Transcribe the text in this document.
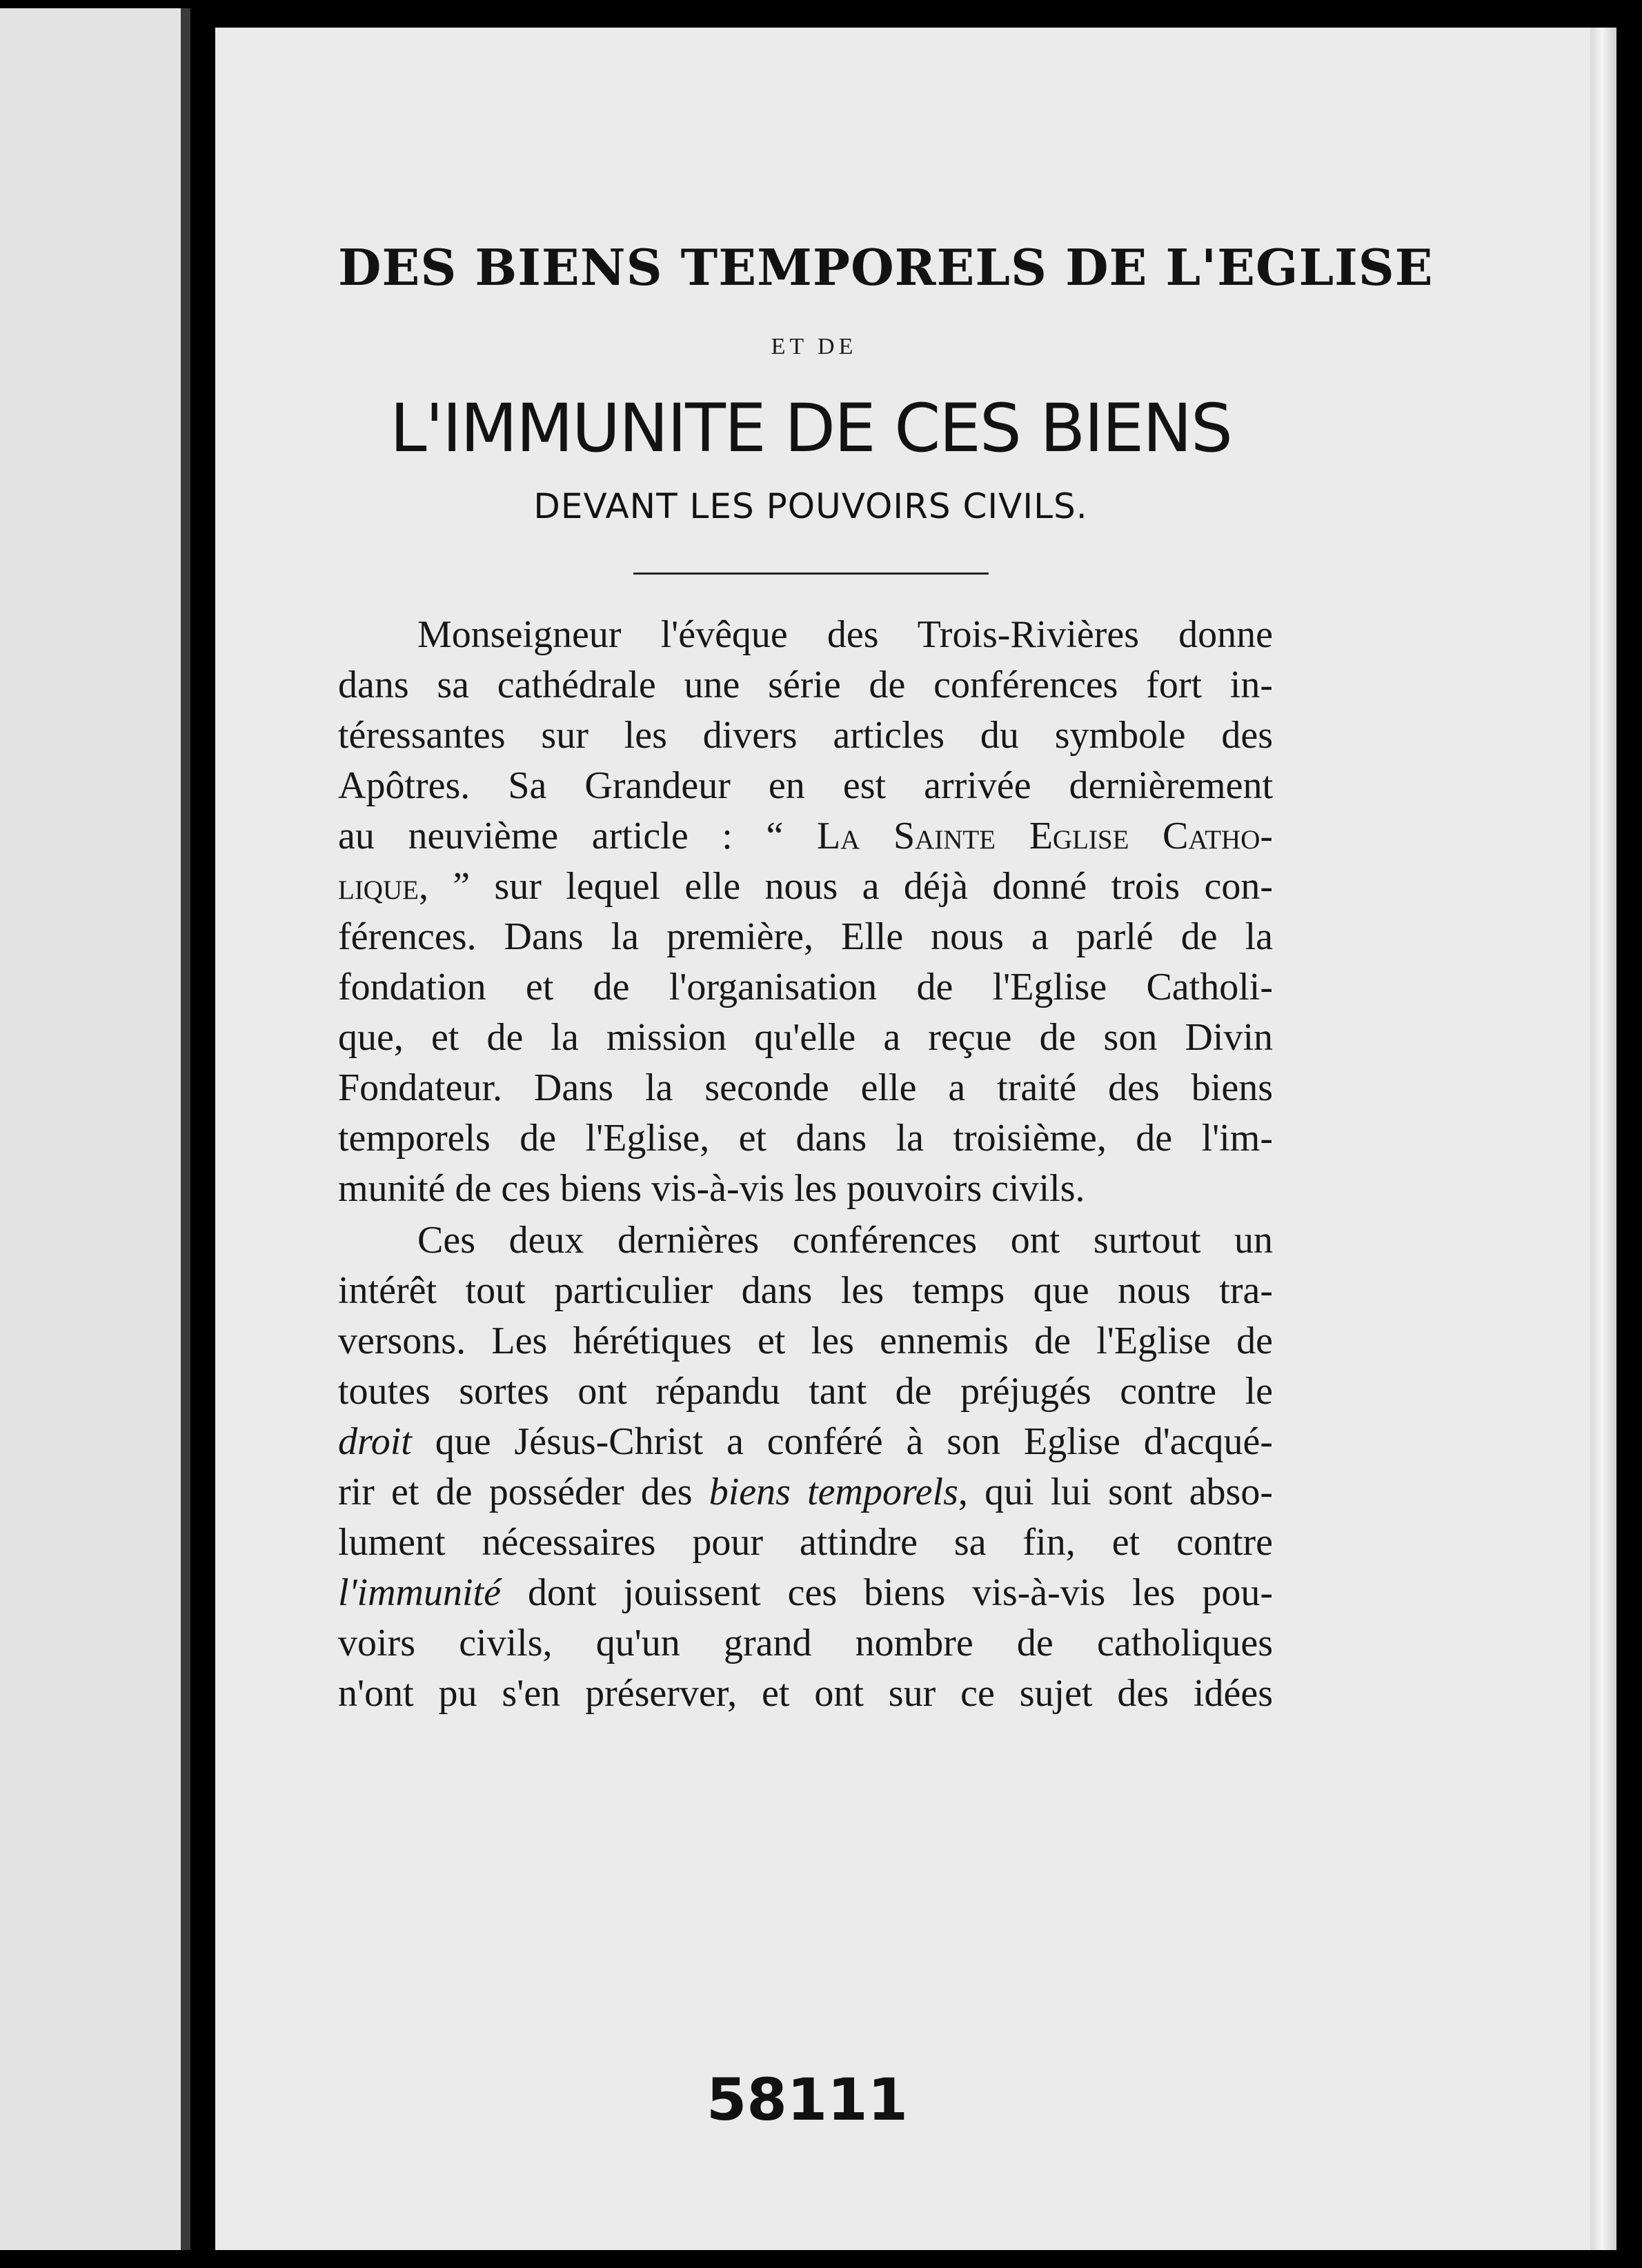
DES BIENS TEMPORELS DE L'EGLISE
ET DE
L'IMMUNITE DE CES BIENS
DEVANT LES POUVOIRS CIVILS.
Monseigneur l'évêque des Trois-Rivières donne
dans sa cathédrale une série de conférences fort in-
téressantes sur les divers articles du symbole des
Apôtres. Sa Grandeur en est arrivée dernièrement
au neuvième article : “ La Sainte Eglise Catho-
lique, ” sur lequel elle nous a déjà donné trois con-
férences. Dans la première, Elle nous a parlé de la
fondation et de l'organisation de l'Eglise Catholi-
que, et de la mission qu'elle a reçue de son Divin
Fondateur. Dans la seconde elle a traité des biens
temporels de l'Eglise, et dans la troisième, de l'im-
munité de ces biens vis-à-vis les pouvoirs civils.
Ces deux dernières conférences ont surtout un
intérêt tout particulier dans les temps que nous tra-
versons. Les hérétiques et les ennemis de l'Eglise de
toutes sortes ont répandu tant de préjugés contre le
droit que Jésus-Christ a conféré à son Eglise d'acqué-
rir et de posséder des biens temporels, qui lui sont abso-
lument nécessaires pour attindre sa fin, et contre
l'immunité dont jouissent ces biens vis-à-vis les pou-
voirs civils, qu'un grand nombre de catholiques
n'ont pu s'en préserver, et ont sur ce sujet des idées
58111
